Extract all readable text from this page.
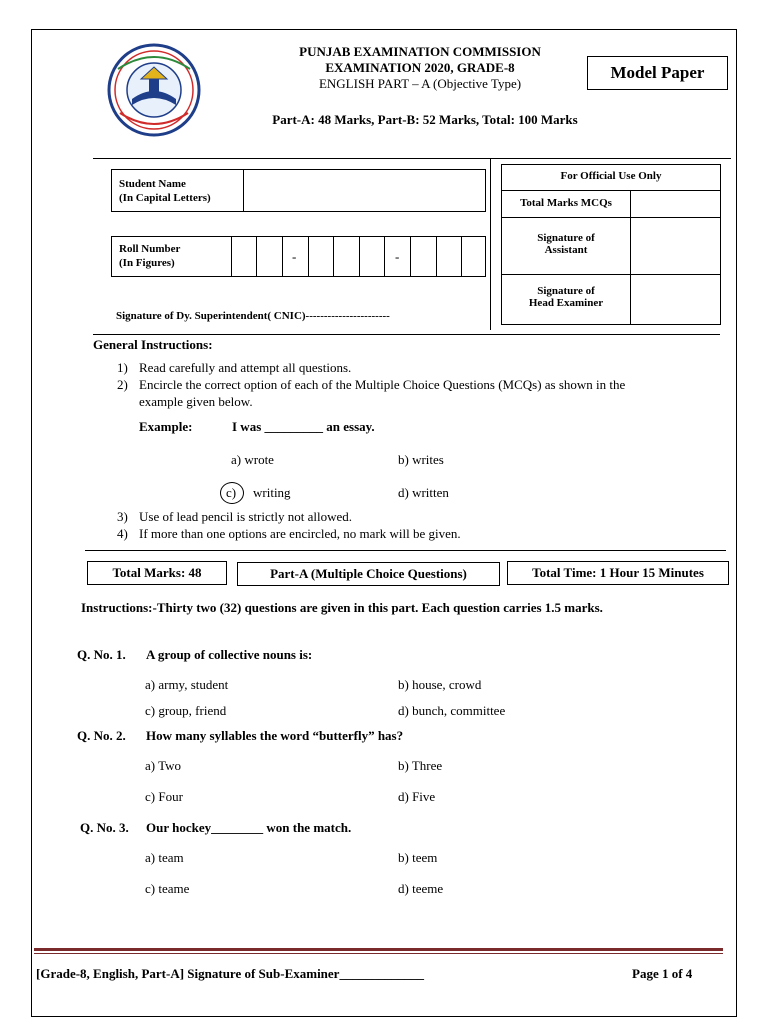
PUNJAB EXAMINATION COMMISSION
EXAMINATION 2020, GRADE-8
ENGLISH PART – A (Objective Type)
Part-A: 48 Marks, Part-B: 52 Marks, Total: 100 Marks
Model Paper
Student Name
(In Capital Letters)
Roll Number
(In Figures)	-	-
Signature of Dy. Superintendent( CNIC)-----------------------
For Official Use Only
Total Marks MCQs
Signature of
Assistant
Signature of
Head Examiner
General Instructions:
1) Read carefully and attempt all questions.
2) Encircle the correct option of each of the Multiple Choice Questions (MCQs) as shown in the
example given below.
Example:	I was _________ an essay.
a) wrote	b) writes
c) writing	d) written
3) Use of lead pencil is strictly not allowed.
4) If more than one options are encircled, no mark will be given.
Total Marks: 48	Part-A (Multiple Choice Questions)	Total Time: 1 Hour 15 Minutes
Instructions:-Thirty two (32) questions are given in this part. Each question carries 1.5 marks.
Q. No. 1. A group of collective nouns is:
a) army, student	b) house, crowd
c) group, friend	d) bunch, committee
Q. No. 2. How many syllables the word “butterfly” has?
a) Two	b) Three
c) Four	d) Five
Q. No. 3. Our hockey________ won the match.
a) team	b) teem
c) teame	d) teeme
[Grade-8, English, Part-A] Signature of Sub-Examiner_____________	Page 1 of 4
